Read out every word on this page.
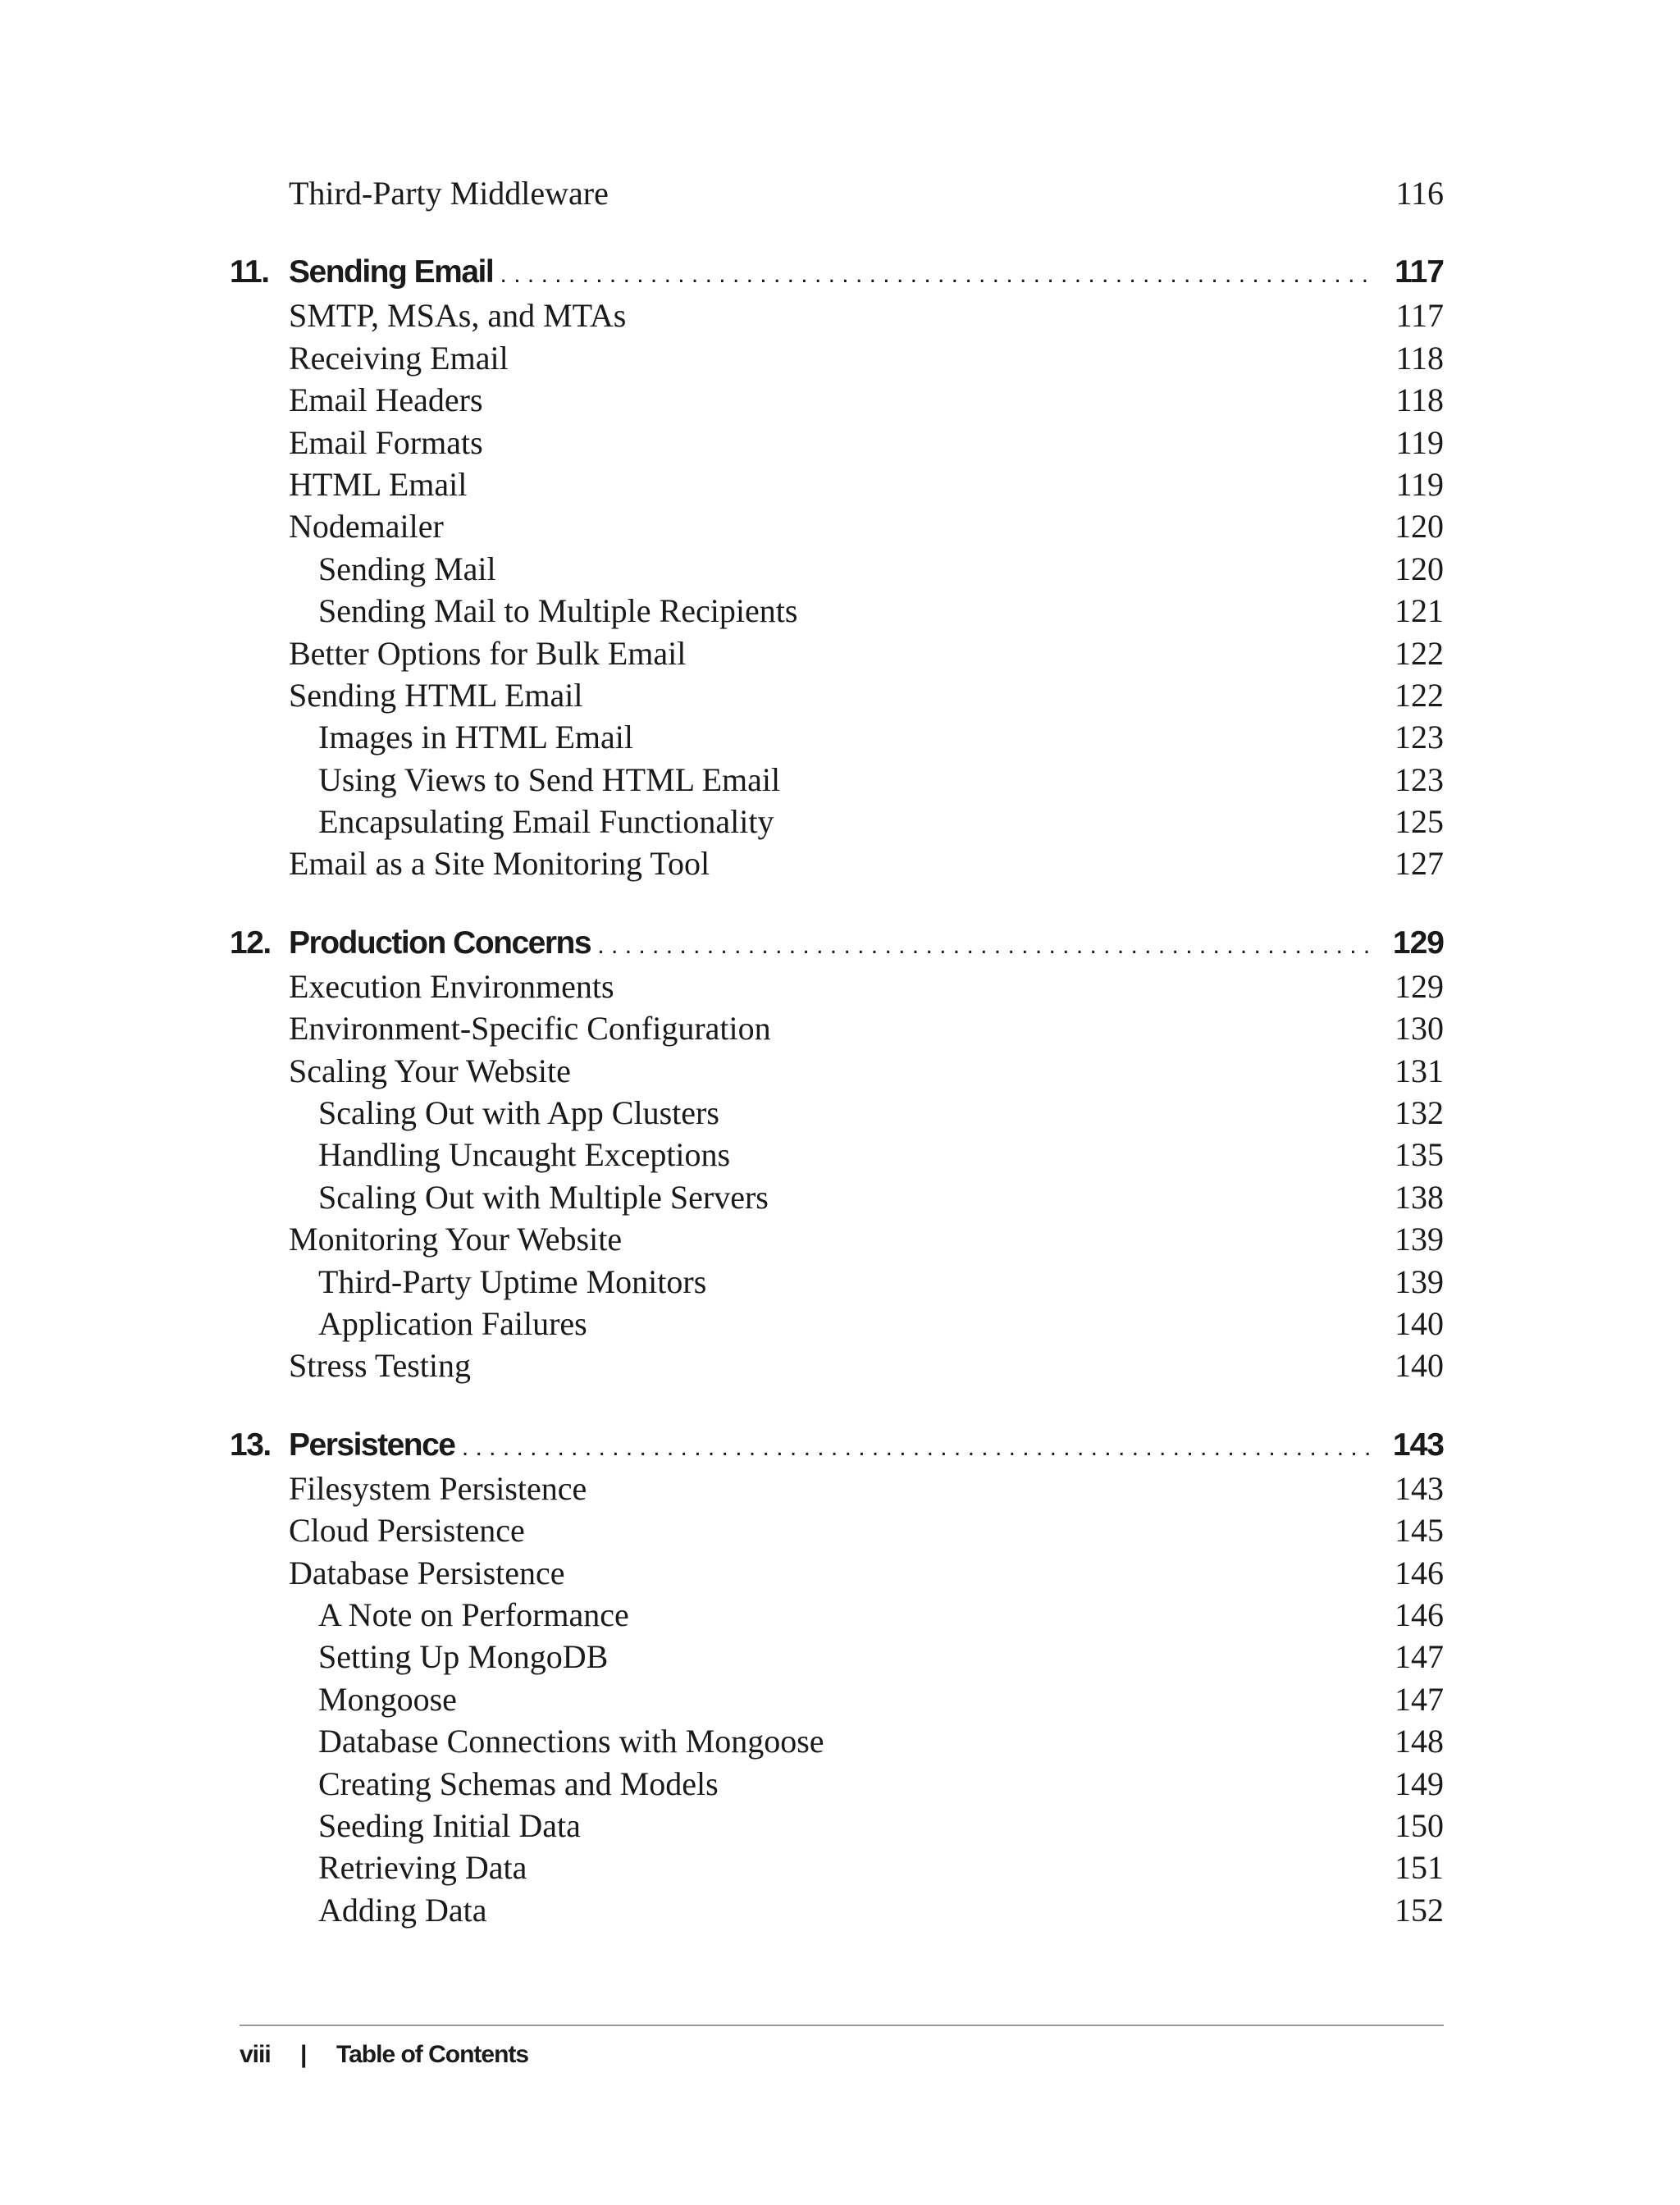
Third-Party Middleware	116
11. Sending Email . . .	117
SMTP, MSAs, and MTAs	117
Receiving Email	118
Email Headers	118
Email Formats	119
HTML Email	119
Nodemailer	120
Sending Mail	120
Sending Mail to Multiple Recipients	121
Better Options for Bulk Email	122
Sending HTML Email	122
Images in HTML Email	123
Using Views to Send HTML Email	123
Encapsulating Email Functionality	125
Email as a Site Monitoring Tool	127
12. Production Concerns . . .	129
Execution Environments	129
Environment-Specific Configuration	130
Scaling Your Website	131
Scaling Out with App Clusters	132
Handling Uncaught Exceptions	135
Scaling Out with Multiple Servers	138
Monitoring Your Website	139
Third-Party Uptime Monitors	139
Application Failures	140
Stress Testing	140
13. Persistence . . .	143
Filesystem Persistence	143
Cloud Persistence	145
Database Persistence	146
A Note on Performance	146
Setting Up MongoDB	147
Mongoose	147
Database Connections with Mongoose	148
Creating Schemas and Models	149
Seeding Initial Data	150
Retrieving Data	151
Adding Data	152
viii | Table of Contents
